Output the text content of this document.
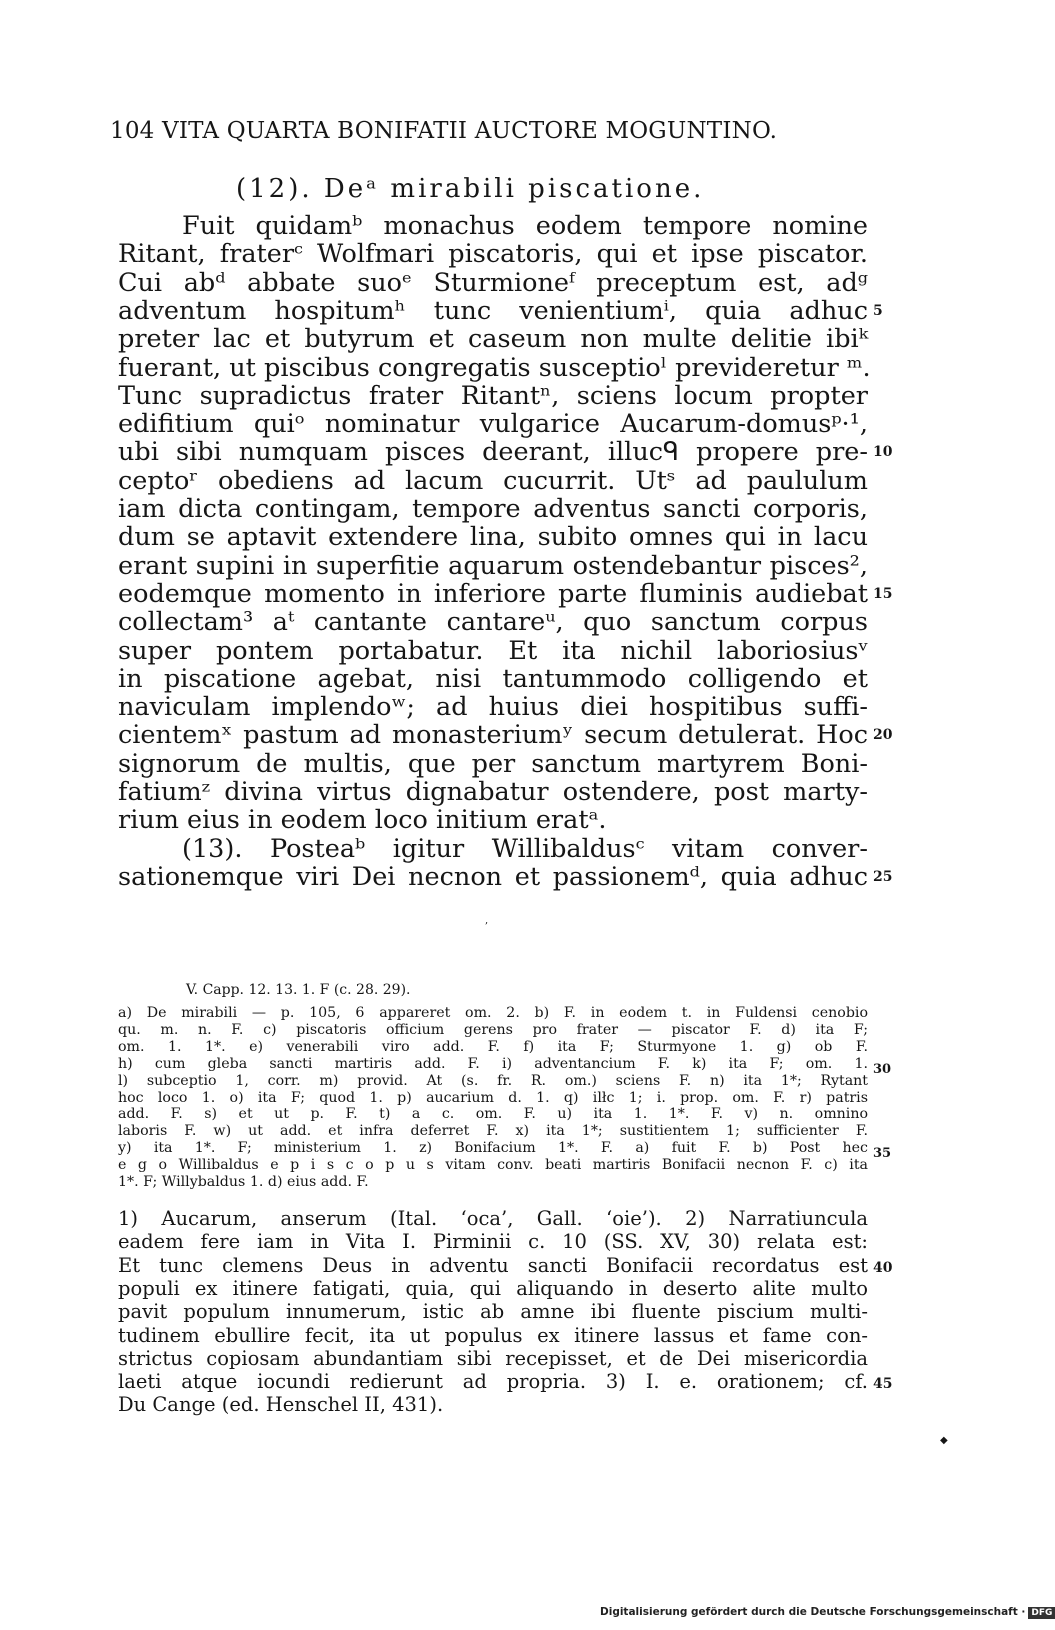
104 VITA QUARTA BONIFATII AUCTORE MOGUNTINO.
(12). Deᵃ mirabili piscatione.
Fuit quidamᵇ monachus eodem tempore nomine
Ritant, fraterᶜ Wolfmari piscatoris, qui et ipse piscator.
Cui abᵈ abbate suoᵉ Sturmioneᶠ preceptum est, adᵍ
adventum hospitumʰ tunc venientiumⁱ, quia adhuc
preter lac et butyrum et caseum non multe delitie ibiᵏ
fuerant, ut piscibus congregatis susceptioˡ previderetur ᵐ.
Tunc supradictus frater Ritantⁿ, sciens locum propter
edifitium quiᵒ nominatur vulgarice Aucarum-domusᵖ·¹,
ubi sibi numquam pisces deerant, illucᑫ propere pre-
ceptoʳ obediens ad lacum cucurrit. Utˢ ad paululum
iam dicta contingam, tempore adventus sancti corporis,
dum se aptavit extendere lina, subito omnes qui in lacu
erant supini in superfitie aquarum ostendebantur pisces²,
eodemque momento in inferiore parte fluminis audiebat
collectam³ aᵗ cantante cantareᵘ, quo sanctum corpus
super pontem portabatur. Et ita nichil laboriosiusᵛ
in piscatione agebat, nisi tantummodo colligendo et
naviculam implendoʷ; ad huius diei hospitibus suffi-
cientemˣ pastum ad monasteriumʸ secum detulerat. Hoc
signorum de multis, que per sanctum martyrem Boni-
fatiumᶻ divina virtus dignabatur ostendere, post marty-
rium eius in eodem loco initium eratᵃ.
(13). Posteaᵇ igitur Willibaldusᶜ vitam conver-
sationemque viri Dei necnon et passionemᵈ, quia adhuc
5
10
15
20
25
V. Capp. 12. 13. 1. F (c. 28. 29).
a) De mirabili — p. 105, 6 appareret om. 2. b) F. in eodem t. in Fuldensi cenobio
qu. m. n. F. c) piscatoris officium gerens pro frater — piscator F. d) ita F;
om. 1. 1*. e) venerabili viro add. F. f) ita F; Sturmyone 1. g) ob F.
h) cum gleba sancti martiris add. F. i) adventancium F. k) ita F; om. 1.
l) subceptio 1, corr. m) provid. At (s. fr. R. om.) sciens F. n) ita 1*; Rytant
hoc loco 1. o) ita F; quod 1. p) aucarium d. 1. q) ilłc 1; i. prop. om. F. r) patris
add. F. s) et ut p. F. t) a c. om. F. u) ita 1. 1*. F. v) n. omnino
laboris F. w) ut add. et infra deferret F. x) ita 1*; sustitientem 1; sufficienter F.
y) ita 1*. F; ministerium 1. z) Bonifacium 1*. F. a) fuit F. b) Post hec
e g o Willibaldus e p i s c o p u s vitam conv. beati martiris Bonifacii necnon F. c) ita
1*. F; Willybaldus 1. d) eius add. F.
30
35
1) Aucarum, anserum (Ital. ‘oca’, Gall. ‘oie’). 2) Narratiuncula
eadem fere iam in Vita I. Pirminii c. 10 (SS. XV, 30) relata est:
Et tunc clemens Deus in adventu sancti Bonifacii recordatus est
populi ex itinere fatigati, quia, qui aliquando in deserto alite multo
pavit populum innumerum, istic ab amne ibi fluente piscium multi-
tudinem ebullire fecit, ita ut populus ex itinere lassus et fame con-
strictus copiosam abundantiam sibi recepisset, et de Dei misericordia
laeti atque iocundi redierunt ad propria. 3) I. e. orationem; cf.
Du Cange (ed. Henschel II, 431).
40
45
,
◆
Digitalisierung gefördert durch die Deutsche Forschungsgemeinschaft · DFG
